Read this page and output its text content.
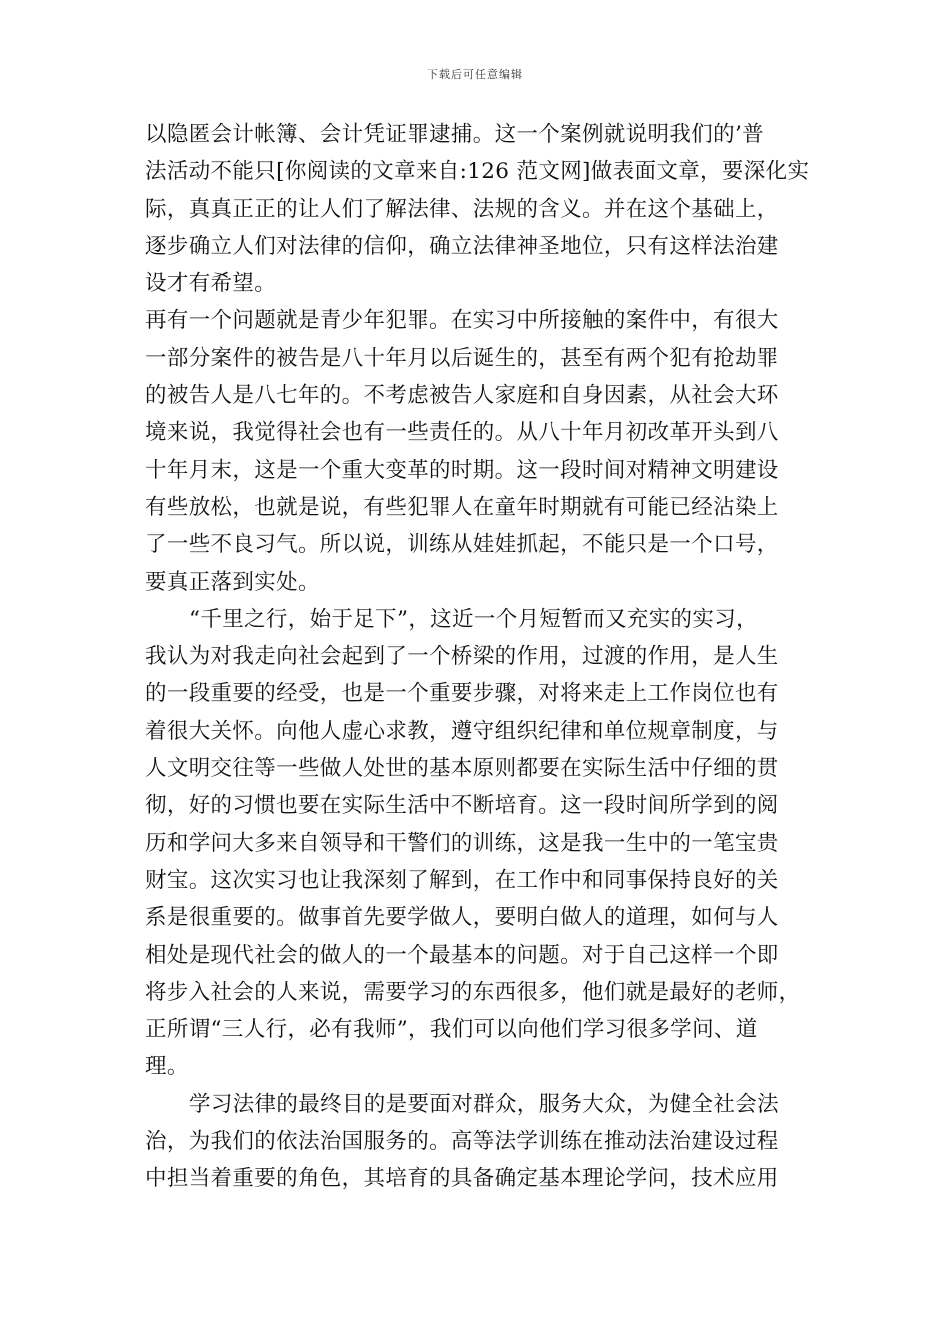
下载后可任意编辑
以隐匿会计帐簿、会计凭证罪逮捕。这一个案例就说明我们的’普
法活动不能只[你阅读的文章来自:126 范文网]做表面文章，要深化实
际，真真正正的让人们了解法律、法规的含义。并在这个基础上，
逐步确立人们对法律的信仰，确立法律神圣地位，只有这样法治建
设才有希望。
再有一个问题就是青少年犯罪。在实习中所接触的案件中，有很大
一部分案件的被告是八十年月以后诞生的，甚至有两个犯有抢劫罪
的被告人是八七年的。不考虑被告人家庭和自身因素，从社会大环
境来说，我觉得社会也有一些责任的。从八十年月初改革开头到八
十年月末，这是一个重大变革的时期。这一段时间对精神文明建设
有些放松，也就是说，有些犯罪人在童年时期就有可能已经沾染上
了一些不良习气。所以说，训练从娃娃抓起，不能只是一个口号，
要真正落到实处。
“千里之行，始于足下”，这近一个月短暂而又充实的实习，
我认为对我走向社会起到了一个桥梁的作用，过渡的作用，是人生
的一段重要的经受，也是一个重要步骤，对将来走上工作岗位也有
着很大关怀。向他人虚心求教，遵守组织纪律和单位规章制度，与
人文明交往等一些做人处世的基本原则都要在实际生活中仔细的贯
彻，好的习惯也要在实际生活中不断培育。这一段时间所学到的阅
历和学问大多来自领导和干警们的训练，这是我一生中的一笔宝贵
财宝。这次实习也让我深刻了解到，在工作中和同事保持良好的关
系是很重要的。做事首先要学做人，要明白做人的道理，如何与人
相处是现代社会的做人的一个最基本的问题。对于自己这样一个即
将步入社会的人来说，需要学习的东西很多，他们就是最好的老师，
正所谓“三人行，必有我师”，我们可以向他们学习很多学问、道
理。
学习法律的最终目的是要面对群众，服务大众，为健全社会法
治，为我们的依法治国服务的。高等法学训练在推动法治建设过程
中担当着重要的角色，其培育的具备确定基本理论学问，技术应用
